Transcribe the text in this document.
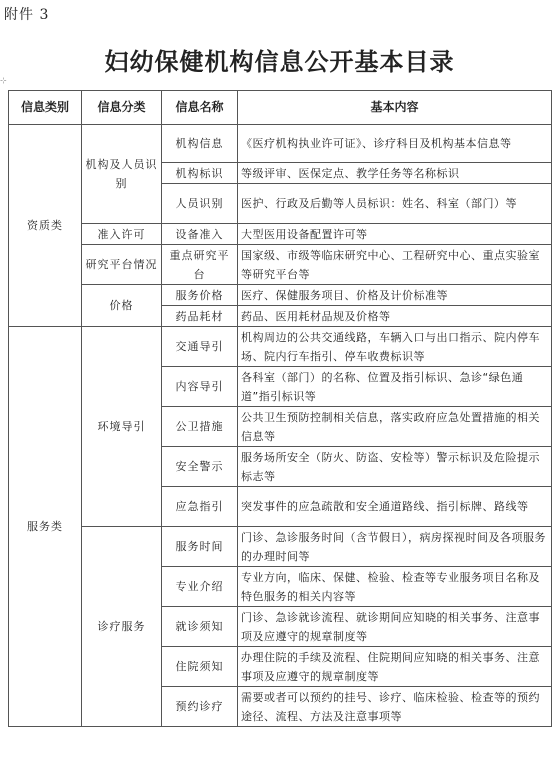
附件 3
妇幼保健机构信息公开基本目录
⊹
信息类别	信息分类	信息名称	基本内容
资质类	机构及人员识别	机构信息	《医疗机构执业许可证》、诊疗科目及机构基本信息等
		机构标识	等级评审、医保定点、教学任务等名称标识
		人员识别	医护、行政及后勤等人员标识：姓名、科室（部门）等
	准入许可	设备准入	大型医用设备配置许可等
	研究平台情况	重点研究平台	国家级、市级等临床研究中心、工程研究中心、重点实验室等研究平台等
	价格	服务价格	医疗、保健服务项目、价格及计价标准等
		药品耗材	药品、医用耗材品规及价格等

服务类	环境导引	交通导引	机构周边的公共交通线路，车辆入口与出口指示、院内停车场、院内行车指引、停车收费标识等
		内容导引	各科室（部门）的名称、位置及指引标识、急诊“绿色通道”指引标识等
		公卫措施	公共卫生预防控制相关信息，落实政府应急处置措施的相关信息等
		安全警示	服务场所安全（防火、防盗、安检等）警示标识及危险提示标志等
		应急指引	突发事件的应急疏散和安全通道路线、指引标牌、路线等
	诊疗服务	服务时间	门诊、急诊服务时间（含节假日），病房探视时间及各项服务的办理时间等
		专业介绍	专业方向，临床、保健、检验、检查等专业服务项目名称及特色服务的相关内容等
		就诊须知	门诊、急诊就诊流程、就诊期间应知晓的相关事务、注意事项及应遵守的规章制度等
		住院须知	办理住院的手续及流程、住院期间应知晓的相关事务、注意事项及应遵守的规章制度等
		预约诊疗	需要或者可以预约的挂号、诊疗、临床检验、检查等的预约途径、流程、方法及注意事项等
